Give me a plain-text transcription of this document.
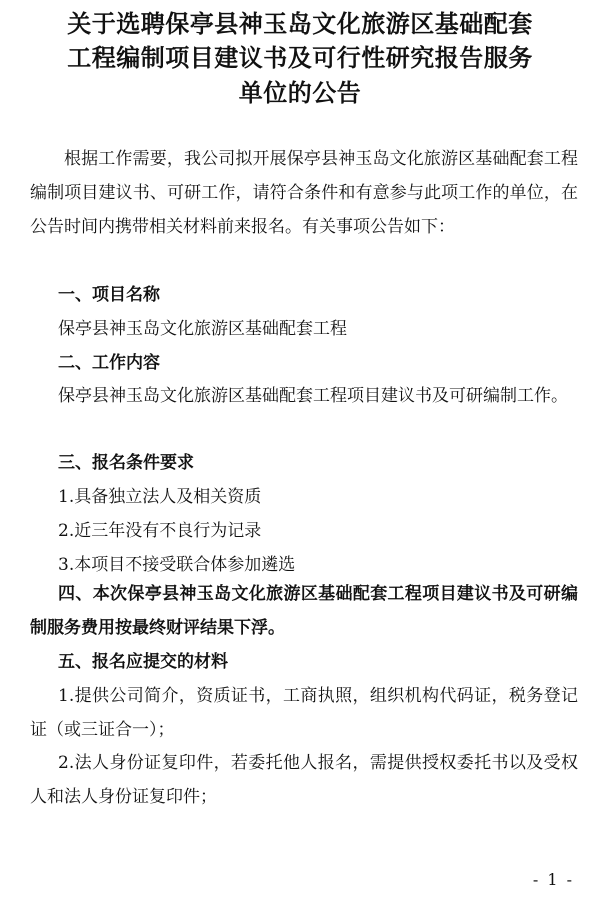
关于选聘保亭县神玉岛文化旅游区基础配套
工程编制项目建议书及可行性研究报告服务
单位的公告
根据工作需要，我公司拟开展保亭县神玉岛文化旅游区基础配套工程编制项目建议书、可研工作，请符合条件和有意参与此项工作的单位，在公告时间内携带相关材料前来报名。有关事项公告如下：
一、项目名称
保亭县神玉岛文化旅游区基础配套工程
二、工作内容
保亭县神玉岛文化旅游区基础配套工程项目建议书及可研编制工作。
三、报名条件要求
1.具备独立法人及相关资质
2.近三年没有不良行为记录
3.本项目不接受联合体参加遴选
四、本次保亭县神玉岛文化旅游区基础配套工程项目建议书及可研编制服务费用按最终财评结果下浮。
五、报名应提交的材料
1.提供公司简介，资质证书，工商执照，组织机构代码证，税务登记证（或三证合一）；
2.法人身份证复印件，若委托他人报名，需提供授权委托书以及受权人和法人身份证复印件；
- 1 -
